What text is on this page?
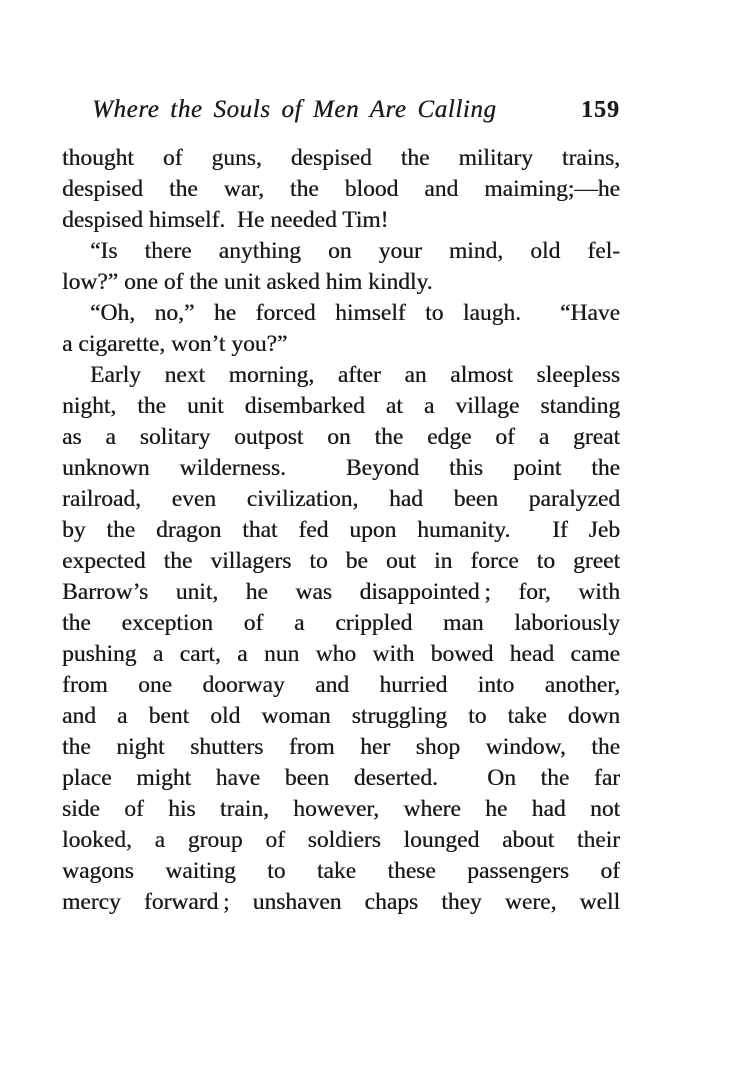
Where the Souls of Men Are Calling	159
thought of guns, despised the military trains,
despised the war, the blood and maiming;—he
despised himself.  He needed Tim!
“Is there anything on your mind, old fel-
low?” one of the unit asked him kindly.
“Oh, no,” he forced himself to laugh.  “Have
a cigarette, won’t you?”
Early next morning, after an almost sleepless
night, the unit disembarked at a village standing
as a solitary outpost on the edge of a great
unknown wilderness.  Beyond this point the
railroad, even civilization, had been paralyzed
by the dragon that fed upon humanity.  If Jeb
expected the villagers to be out in force to greet
Barrow’s unit, he was disappointed ; for, with
the exception of a crippled man laboriously
pushing a cart, a nun who with bowed head came
from one doorway and hurried into another,
and a bent old woman struggling to take down
the night shutters from her shop window, the
place might have been deserted.  On the far
side of his train, however, where he had not
looked, a group of soldiers lounged about their
wagons waiting to take these passengers of
mercy forward ; unshaven chaps they were, well
